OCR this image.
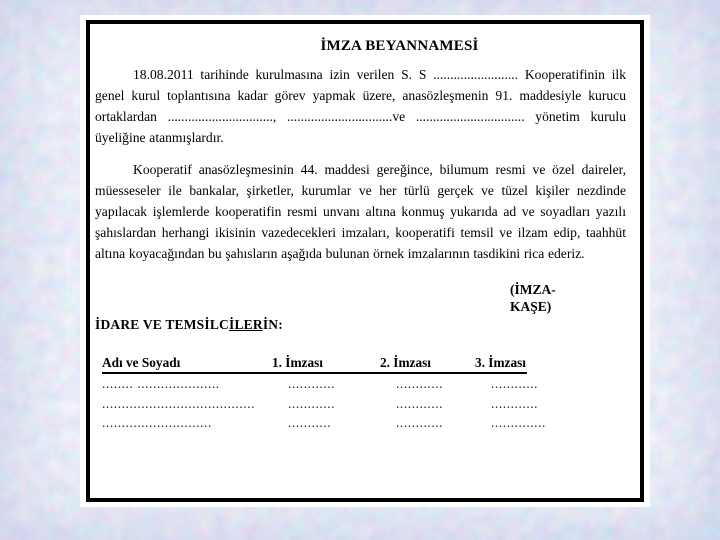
İMZA BEYANNAMESİ

18.08.2011 tarihinde kurulmasına izin verilen S. S ......................... Kooperatifinin ilk genel kurul toplantısına kadar görev yapmak üzere, anasözleşmenin 91. maddesiyle kurucu ortaklardan ..............................., ...............................ve ................................ yönetim kurulu üyeliğine atanmışlardır.

Kooperatif anasözleşmesinin 44. maddesi gereğince, bilumum resmi ve özel daireler, müesseseler ile bankalar, şirketler, kurumlar ve her türlü gerçek ve tüzel kişiler nezdinde yapılacak işlemlerde kooperatifin resmi unvanı altına konmuş yukarıda ad ve soyadları yazılı şahıslardan herhangi ikisinin vazedecekleri imzaları, kooperatifi temsil ve ilzam edip, taahhüt altına koyacağından bu şahısların aşağıda bulunan örnek imzalarının tasdikini rica ederiz.

(İMZA-
KAŞE)
İDARE VE TEMSİLCİLERİN:
Adı ve Soyadı	1. İmzası	2. İmzası	3. İmzası
........ .....................	............	............	............
.......................................	............	............	............
............................	...........	............	..............
